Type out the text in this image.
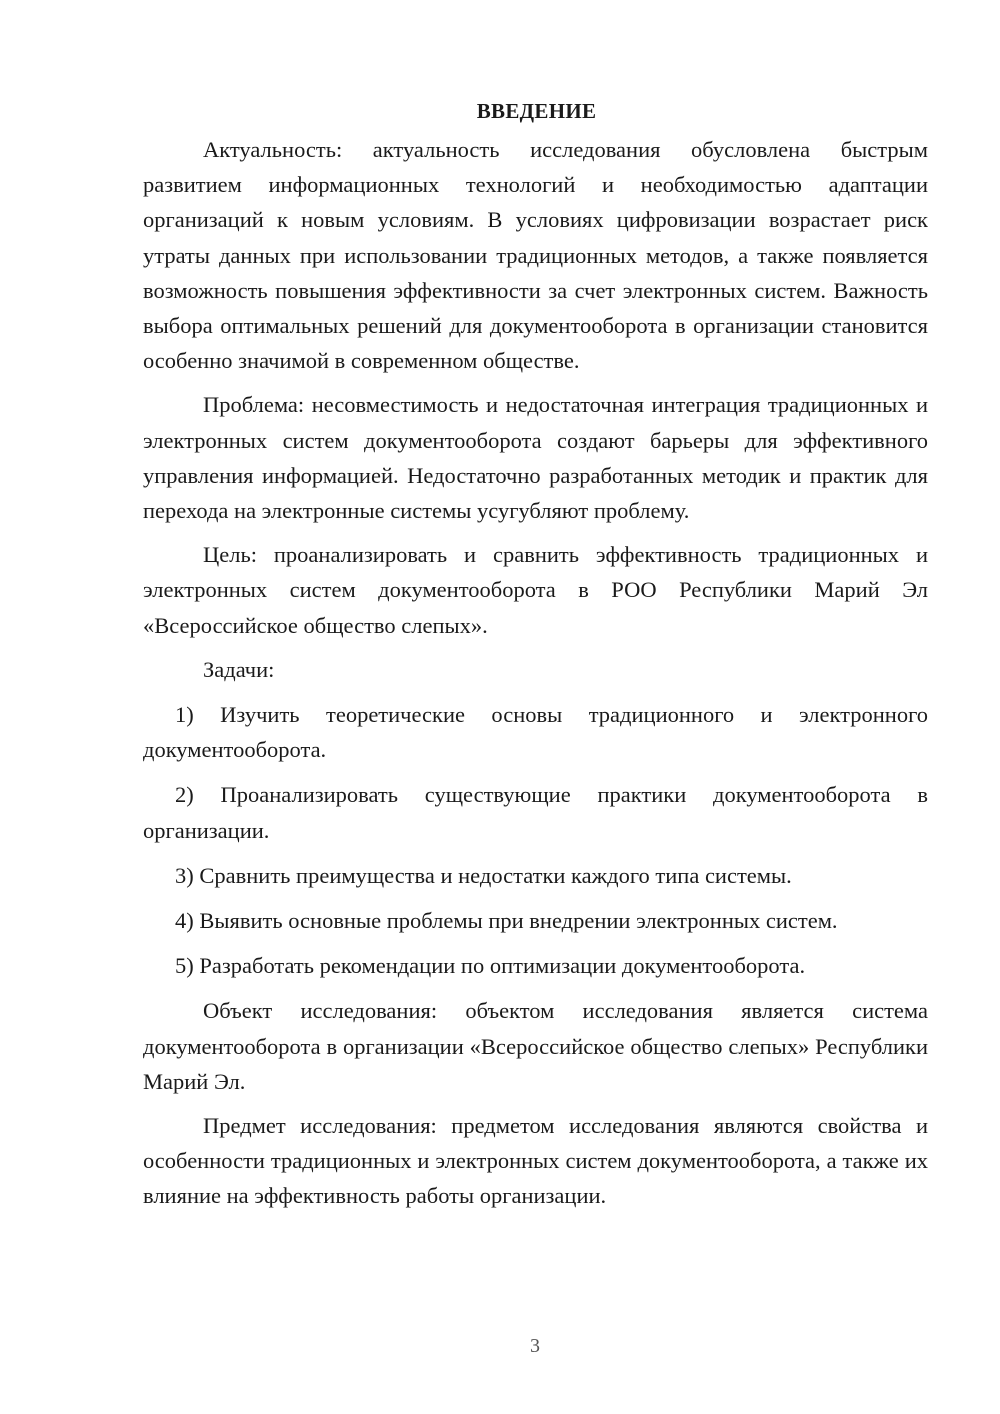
ВВЕДЕНИЕ

Актуальность: актуальность исследования обусловлена быстрым развитием информационных технологий и необходимостью адаптации организаций к новым условиям. В условиях цифровизации возрастает риск утраты данных при использовании традиционных методов, а также появляется возможность повышения эффективности за счет электронных систем. Важность выбора оптимальных решений для документооборота в организации становится особенно значимой в современном обществе.

Проблема: несовместимость и недостаточная интеграция традиционных и электронных систем документооборота создают барьеры для эффективного управления информацией. Недостаточно разработанных методик и практик для перехода на электронные системы усугубляют проблему.

Цель: проанализировать и сравнить эффективность традиционных и электронных систем документооборота в РОО Республики Марий Эл «Всероссийское общество слепых».

Задачи:

1) Изучить теоретические основы традиционного и электронного документооборота.

2) Проанализировать существующие практики документооборота в организации.

3) Сравнить преимущества и недостатки каждого типа системы.

4) Выявить основные проблемы при внедрении электронных систем.

5) Разработать рекомендации по оптимизации документооборота.

Объект исследования: объектом исследования является система документооборота в организации «Всероссийское общество слепых» Республики Марий Эл.

Предмет исследования: предметом исследования являются свойства и особенности традиционных и электронных систем документооборота, а также их влияние на эффективность работы организации.

3
